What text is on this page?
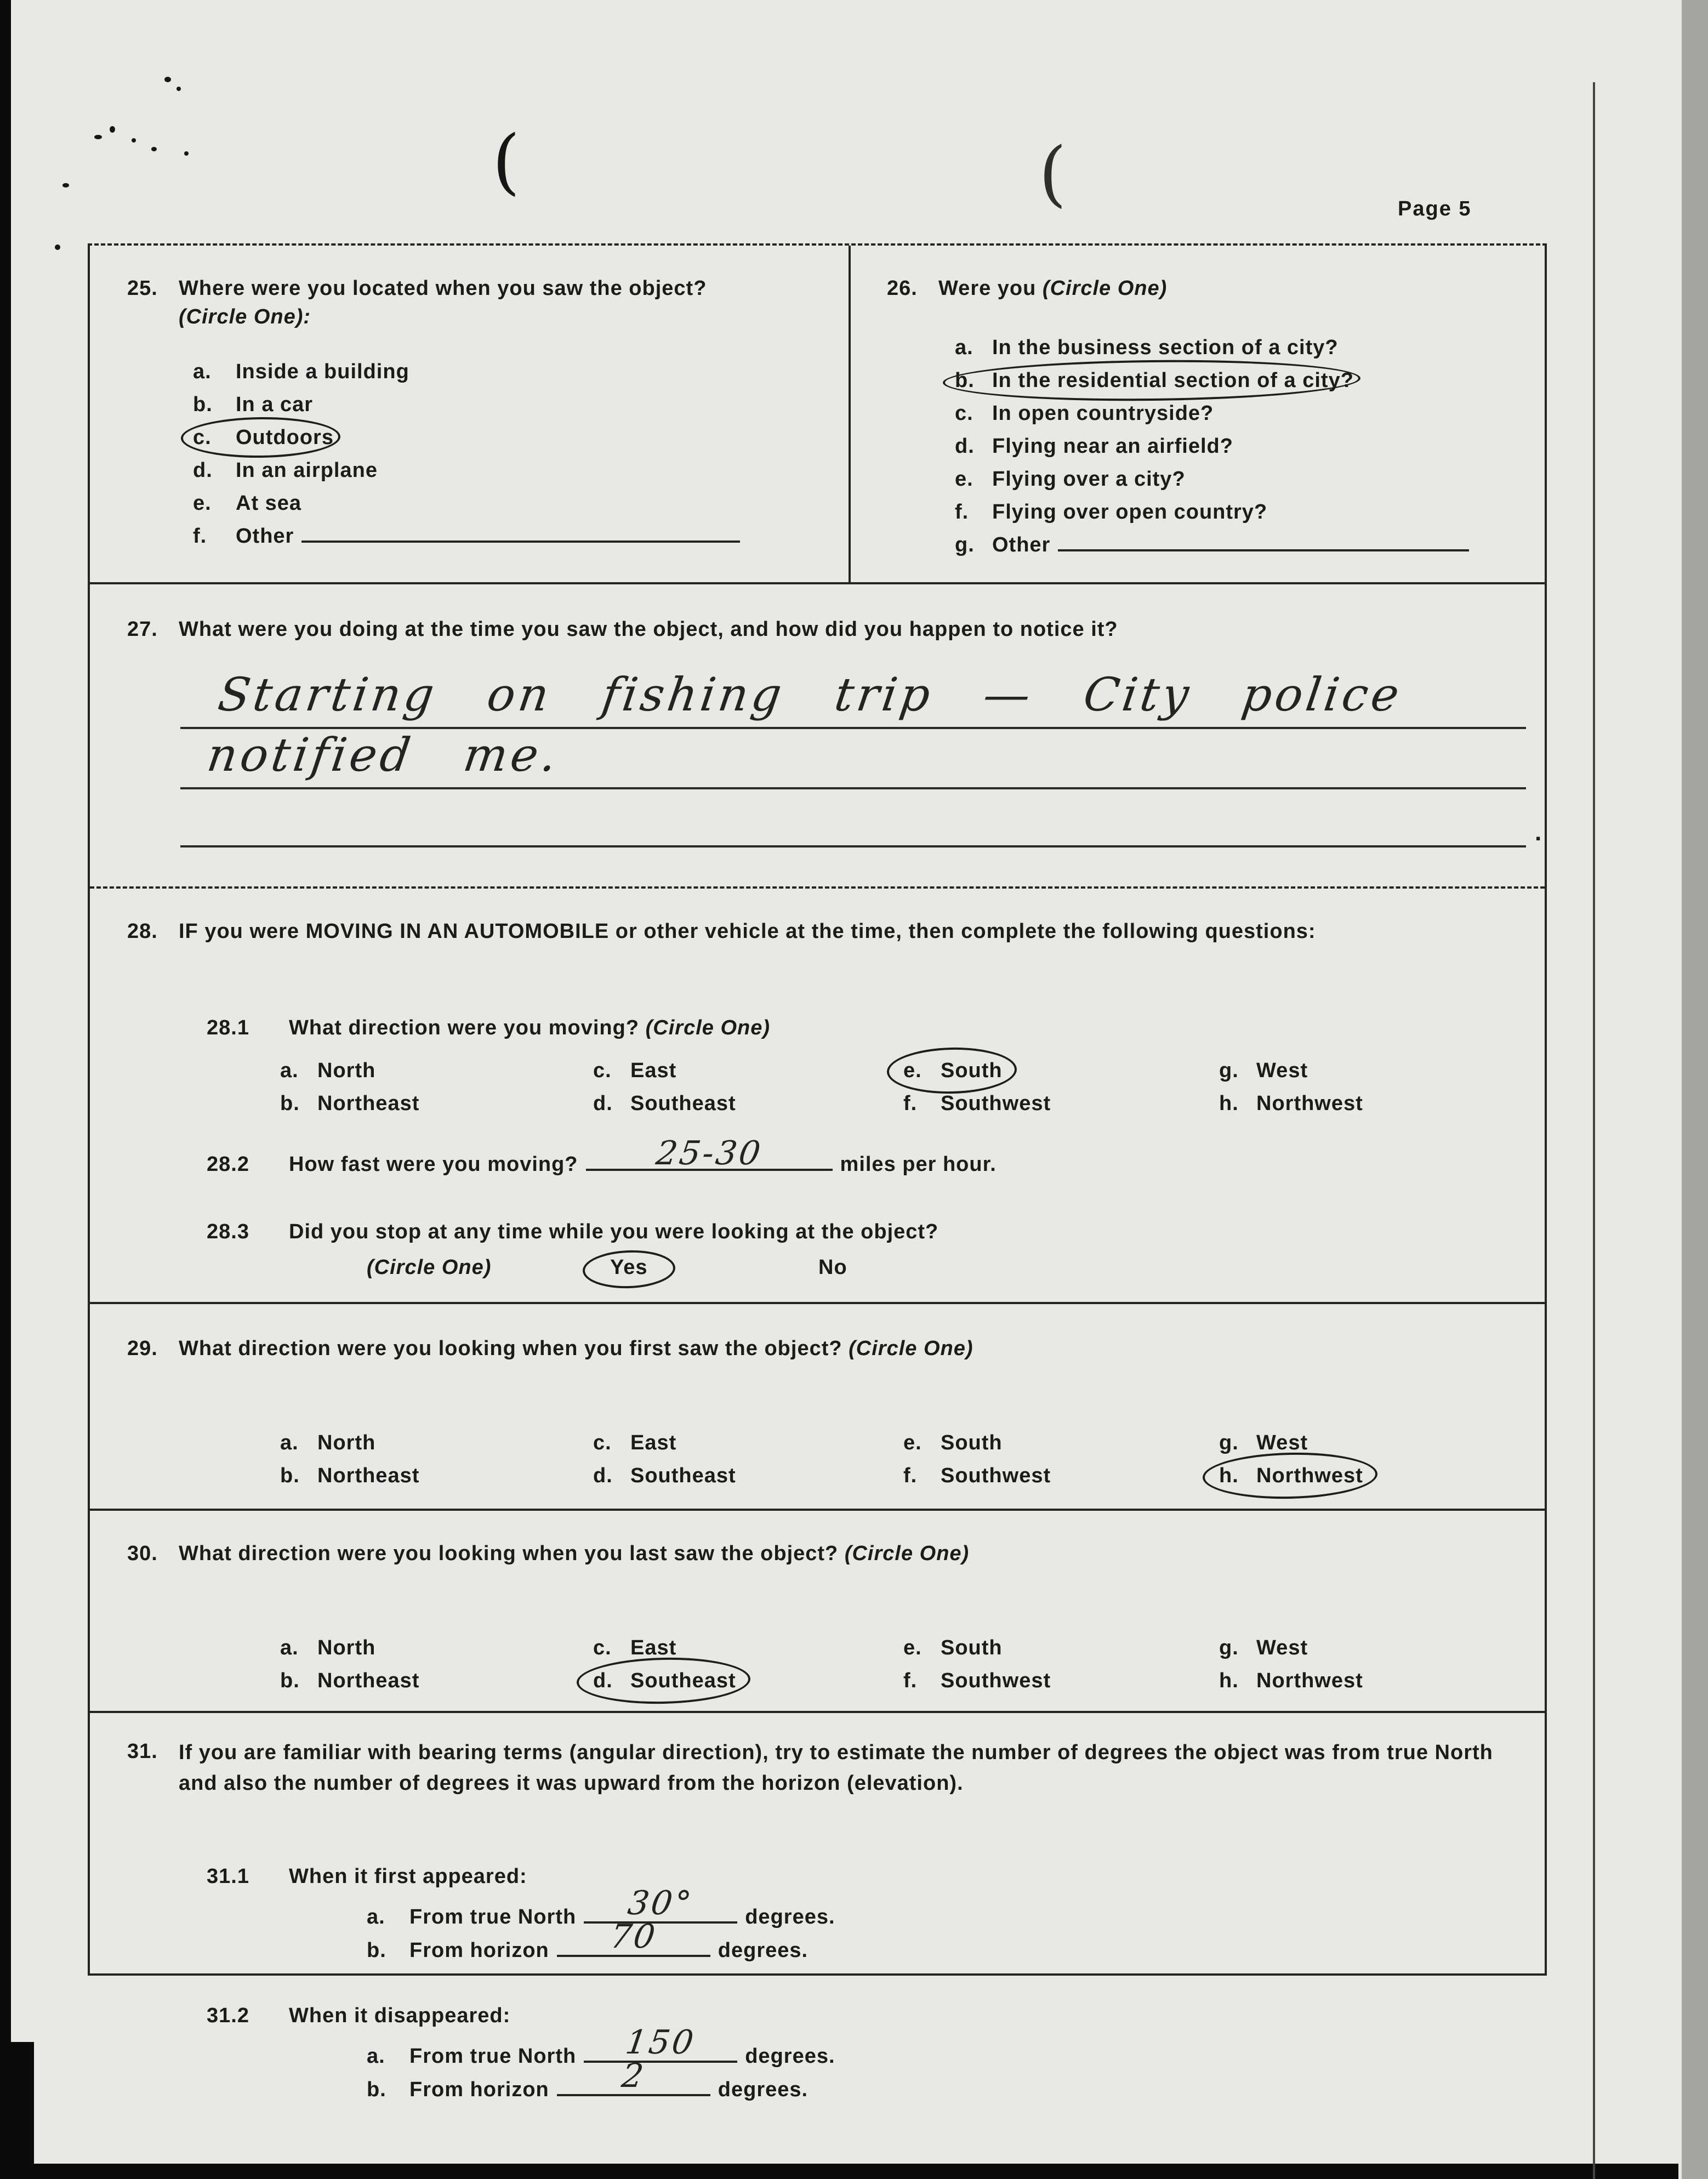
(	(	Page 5
25.	Where were you located when you saw the object?
(Circle One):
a. Inside a building
b. In a car
c. Outdoors
d. In an airplane
e. At sea
f. Other
26.	Were you (Circle One)
a. In the business section of a city?
b. In the residential section of a city?
c. In open countryside?
d. Flying near an airfield?
e. Flying over a city?
f. Flying over open country?
g. Other
27.	What were you doing at the time you saw the object, and how did you happen to notice it?
Starting on fishing trip — City police
notified me.
.
28.	IF you were MOVING IN AN AUTOMOBILE or other vehicle at the time, then complete the following questions:
28.1	What direction were you moving? (Circle One)
a. North	c. East	e. South	g. West
b. Northeast	d. Southeast	f. Southwest	h. Northwest
28.2	How fast were you moving? 25-30	miles per hour.
28.3	Did you stop at any time while you were looking at the object?
(Circle One)	Yes	No
29.	What direction were you looking when you first saw the object? (Circle One)
a. North	c. East	e. South	g. West
b. Northeast	d. Southeast	f. Southwest	h. Northwest
30.	What direction were you looking when you last saw the object? (Circle One)
a. North	c. East	e. South	g. West
b. Northeast	d. Southeast	f. Southwest	h. Northwest
31.	If you are familiar with bearing terms (angular direction), try to estimate the number of degrees the object was from true North and also the number of degrees it was upward from the horizon (elevation).
31.1	When it first appeared:
a. From true North 30° degrees.
b. From horizon 70	degrees.
31.2	When it disappeared:
a. From true North 150 degrees.
b. From horizon 2	degrees.
